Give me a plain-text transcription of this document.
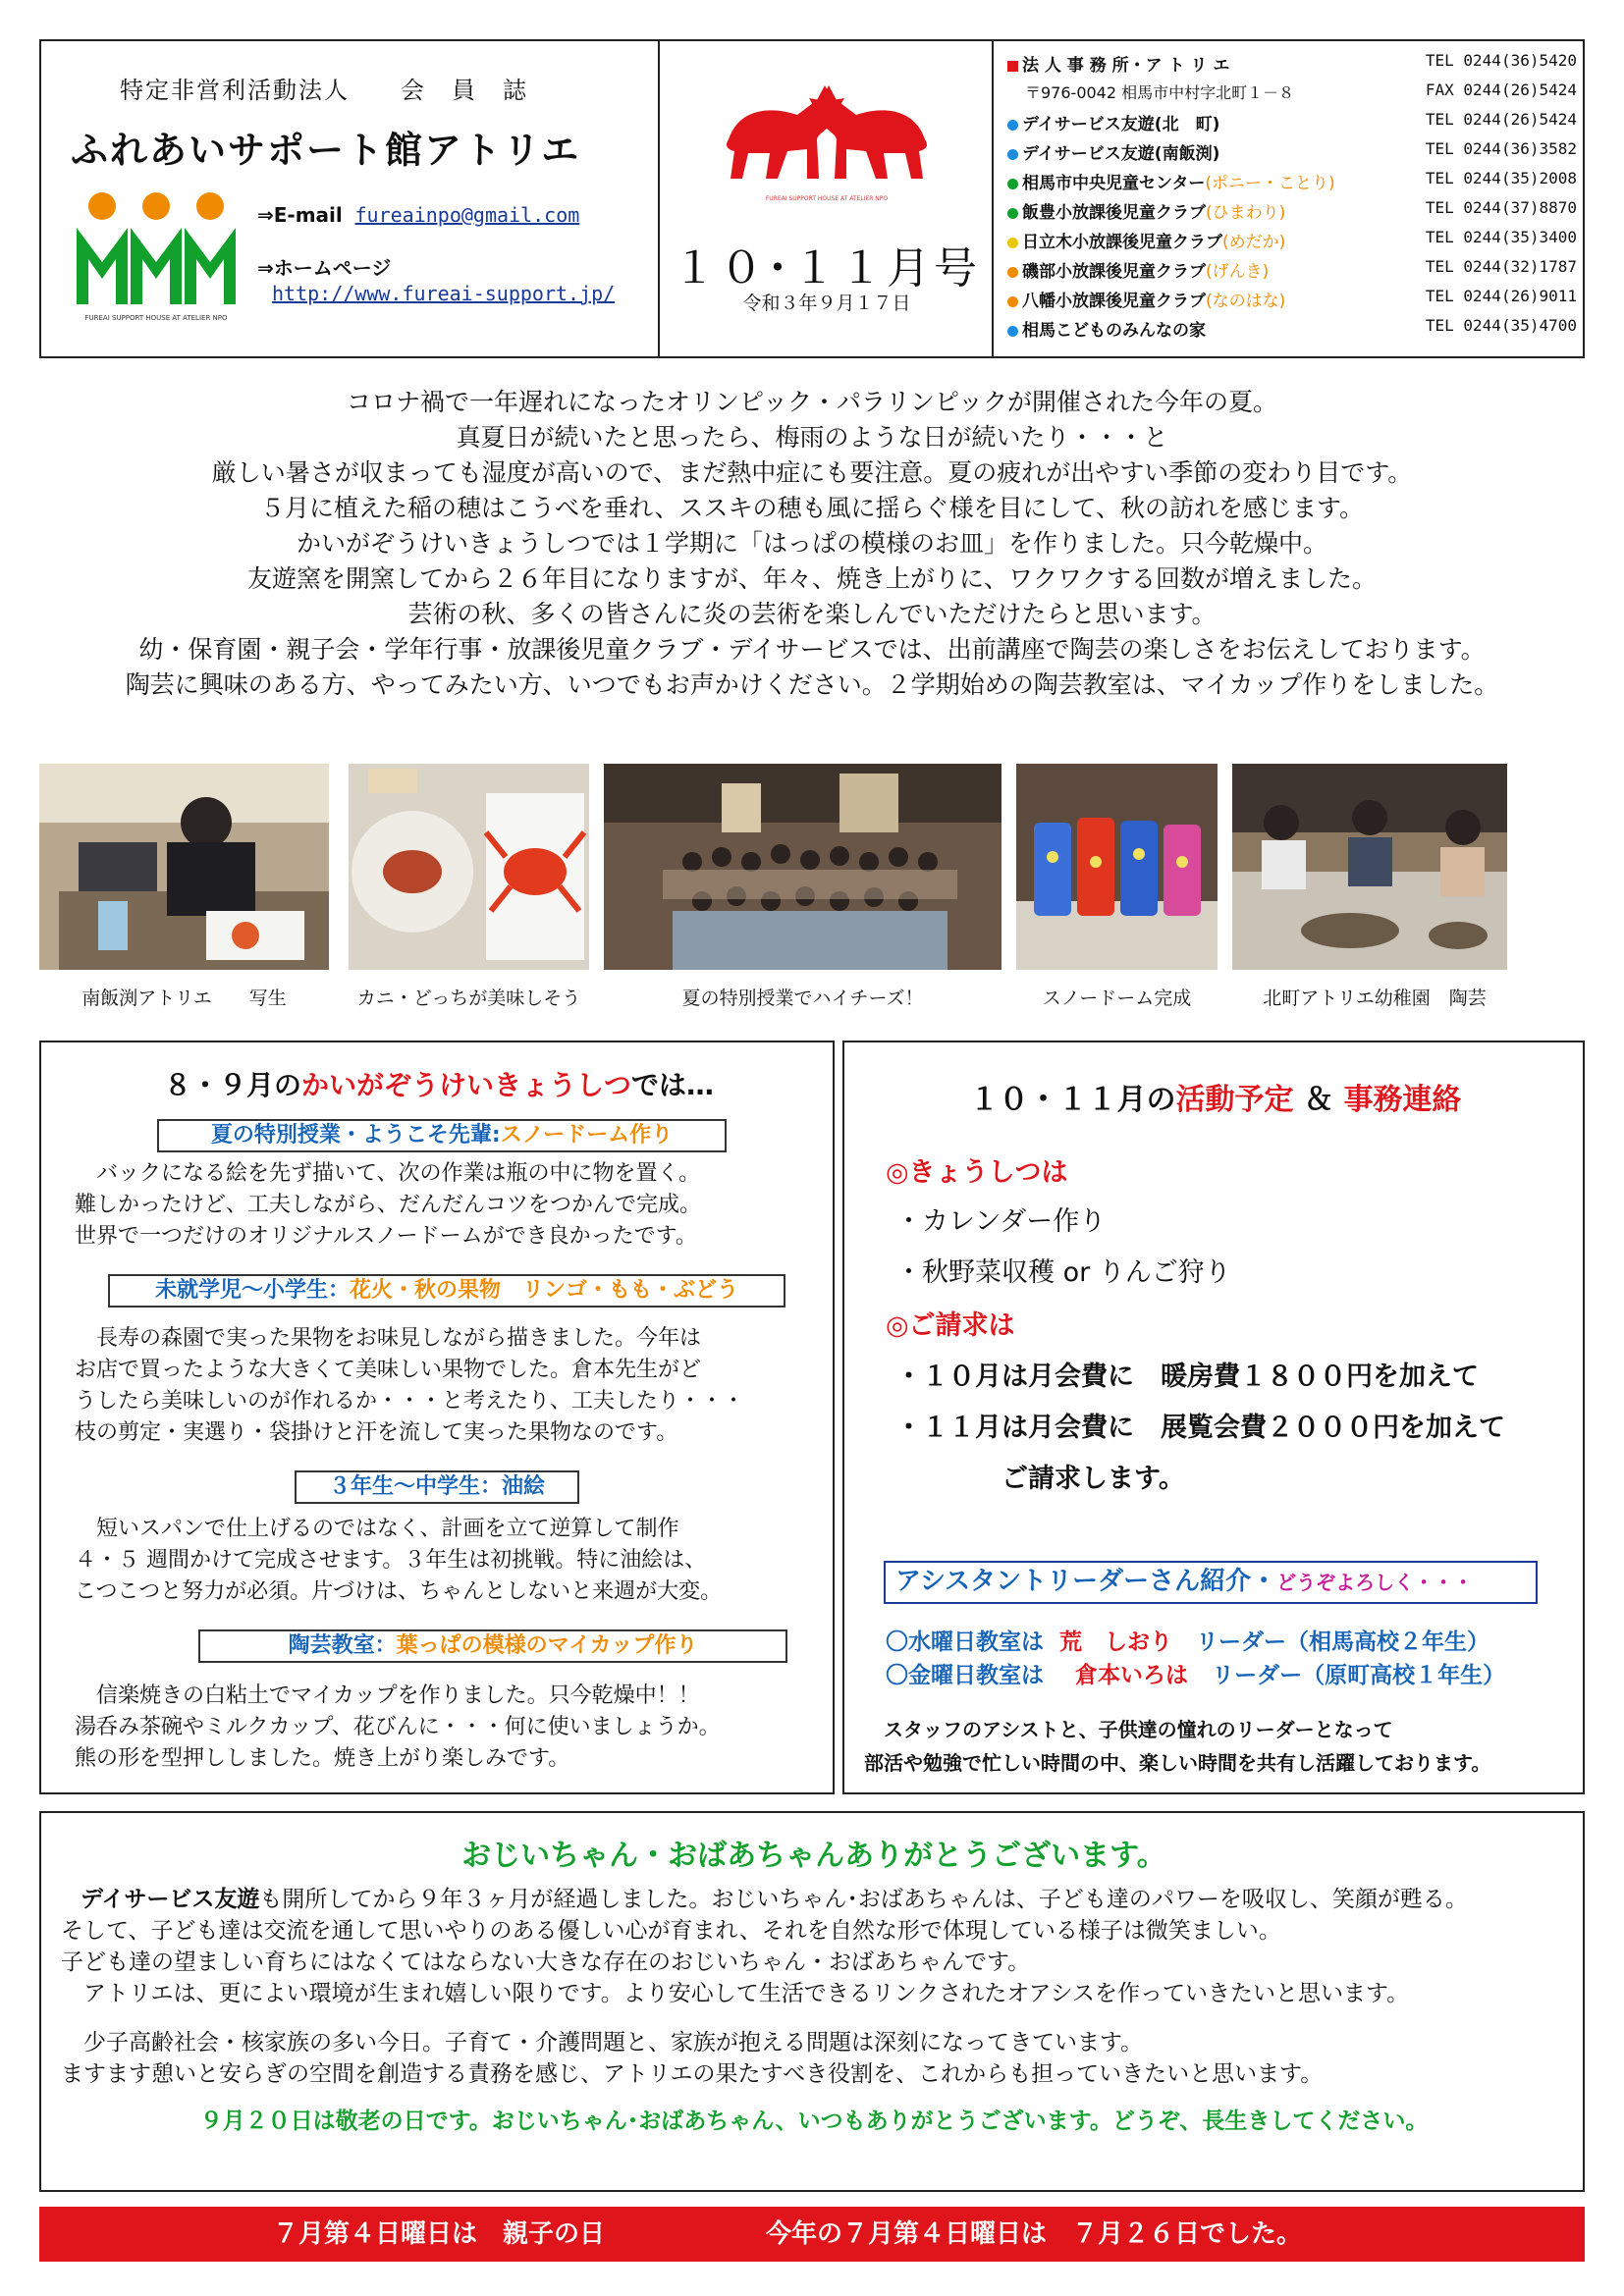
特定非営利活動法人　　会　員　誌
ふれあいサポート館アトリエ
FUREAI SUPPORT HOUSE AT ATELIER NPO
⇒E-mail fureainpo@gmail.com
⇒ホームページ
http://www.fureai-support.jp/
FUREAI SUPPORT HOUSE AT ATELIER NPO
１０･１１月号
令和３年９月１７日
法 人 事 務 所・ア ト リ エ	TEL 0244(36)5420
〒976-0042 相馬市中村字北町１－８	FAX 0244(26)5424
デイサービス友遊(北　町)	TEL 0244(26)5424
デイサービス友遊(南飯渕)	TEL 0244(36)3582
相馬市中央児童センター(ポニー・ことり)	TEL 0244(35)2008
飯豊小放課後児童クラブ(ひまわり)	TEL 0244(37)8870
日立木小放課後児童クラブ(めだか)	TEL 0244(35)3400
磯部小放課後児童クラブ(げんき)	TEL 0244(32)1787
八幡小放課後児童クラブ(なのはな)	TEL 0244(26)9011
相馬こどものみんなの家	TEL 0244(35)4700
コロナ禍で一年遅れになったオリンピック・パラリンピックが開催された今年の夏。
真夏日が続いたと思ったら、梅雨のような日が続いたり・・・と
厳しい暑さが収まっても湿度が高いので、まだ熱中症にも要注意。夏の疲れが出やすい季節の変わり目です。
５月に植えた稲の穂はこうべを垂れ、ススキの穂も風に揺らぐ様を目にして、秋の訪れを感じます。
かいがぞうけいきょうしつでは１学期に「はっぱの模様のお皿」を作りました。只今乾燥中。
友遊窯を開窯してから２６年目になりますが、年々、焼き上がりに、ワクワクする回数が増えました。
芸術の秋、多くの皆さんに炎の芸術を楽しんでいただけたらと思います。
幼・保育園・親子会・学年行事・放課後児童クラブ・デイサービスでは、出前講座で陶芸の楽しさをお伝えしております。
陶芸に興味のある方、やってみたい方、いつでもお声かけください。２学期始めの陶芸教室は、マイカップ作りをしました。
南飯渕アトリエ　　写生	カニ・どっちが美味しそう	夏の特別授業でハイチーズ！	スノードーム完成	北町アトリエ幼稚園　陶芸
８・９月のかいがぞうけいきょうしつでは…
夏の特別授業・ようこそ先輩:スノードーム作り
　バックになる絵を先ず描いて、次の作業は瓶の中に物を置く。
難しかったけど、工夫しながら、だんだんコツをつかんで完成。
世界で一つだけのオリジナルスノードームができ良かったです。
未就学児～小学生：花火・秋の果物　リンゴ・もも・ぶどう
　長寿の森園で実った果物をお味見しながら描きました。今年は
お店で買ったような大きくて美味しい果物でした。倉本先生がど
うしたら美味しいのが作れるか・・・と考えたり、工夫したり・・・
枝の剪定・実選り・袋掛けと汗を流して実った果物なのです。
３年生～中学生：油絵
　短いスパンで仕上げるのではなく、計画を立て逆算して制作
４・５ 週間かけて完成させます。３年生は初挑戦。特に油絵は、
こつこつと努力が必須。片づけは、ちゃんとしないと来週が大変。
陶芸教室：葉っぱの模様のマイカップ作り
　信楽焼きの白粘土でマイカップを作りました。只今乾燥中！！
湯呑み茶碗やミルクカップ、花びんに・・・何に使いましょうか。
熊の形を型押ししました。焼き上がり楽しみです。
１０・１１月の活動予定 ＆ 事務連絡
◎きょうしつは
・カレンダー作り
・秋野菜収穫 or りんご狩り
◎ご請求は
・１０月は月会費に　暖房費１８００円を加えて
・１１月は月会費に　展覧会費２０００円を加えて
　　　　ご請求します。
アシスタントリーダーさん紹介・どうぞよろしく・・・
〇水曜日教室は 荒　しおり リーダー（相馬高校２年生）
〇金曜日教室は 倉本いろは リーダー（原町高校１年生）
スタッフのアシストと、子供達の憧れのリーダーとなって
部活や勉強で忙しい時間の中、楽しい時間を共有し活躍しております。
おじいちゃん・おばあちゃんありがとうございます。
デイサービス友遊も開所してから９年３ヶ月が経過しました。おじいちゃん･おばあちゃんは、子ども達のパワーを吸収し、笑顔が甦る。
そして、子ども達は交流を通して思いやりのある優しい心が育まれ、それを自然な形で体現している様子は微笑ましい。
子ども達の望ましい育ちにはなくてはならない大きな存在のおじいちゃん・おばあちゃんです。
　アトリエは、更によい環境が生まれ嬉しい限りです。より安心して生活できるリンクされたオアシスを作っていきたいと思います。
　少子高齢社会・核家族の多い今日。子育て・介護問題と、家族が抱える問題は深刻になってきています。
ますます憩いと安らぎの空間を創造する責務を感じ、アトリエの果たすべき役割を、これからも担っていきたいと思います。
９月２０日は敬老の日です。おじいちゃん･おばあちゃん、いつもありがとうございます。どうぞ、長生きしてください。
７月第４日曜日は　親子の日	今年の７月第４日曜日は　７月２６日でした。
